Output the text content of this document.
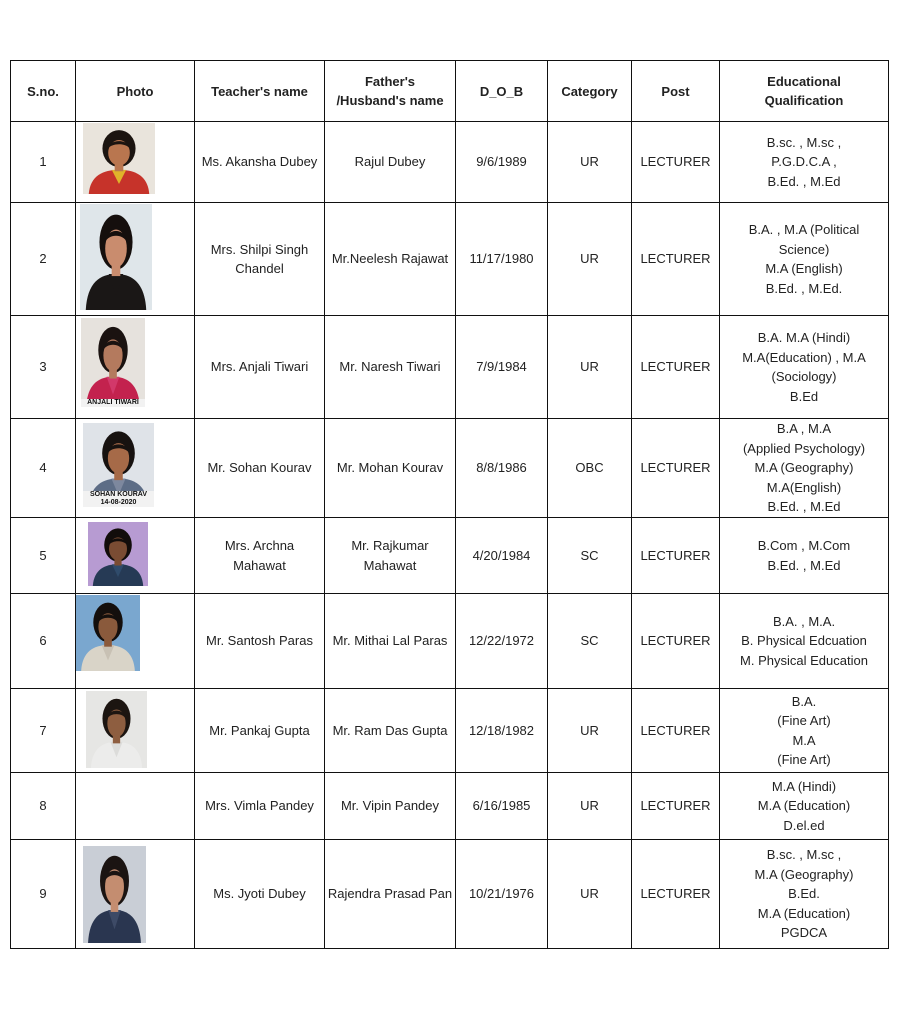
S.no.	Photo	Teacher's name	Father's
/Husband's name	D_O_B	Category	Post	Educational
Qualification
1		Ms. Akansha Dubey	Rajul Dubey	9/6/1989	UR	LECTURER	B.sc. , M.sc ,
P.G.D.C.A ,
B.Ed. , M.Ed
2		Mrs. Shilpi Singh
Chandel	Mr.Neelesh Rajawat	11/17/1980	UR	LECTURER	B.A. , M.A (Political
Science)
M.A (English)
B.Ed. , M.Ed.
3	ANJALI TIWARI	Mrs. Anjali Tiwari	Mr. Naresh Tiwari	7/9/1984	UR	LECTURER	B.A. M.A (Hindi)
M.A(Education) , M.A
(Sociology)
B.Ed
4	SOHAN KOURAV
14-08-2020	Mr. Sohan Kourav	Mr. Mohan Kourav	8/8/1986	OBC	LECTURER	B.A , M.A
(Applied Psychology)
M.A (Geography)
M.A(English)
B.Ed. , M.Ed
5		Mrs. Archna
Mahawat	Mr. Rajkumar
Mahawat	4/20/1984	SC	LECTURER	B.Com , M.Com
B.Ed. , M.Ed
6		Mr. Santosh Paras	Mr. Mithai Lal Paras	12/22/1972	SC	LECTURER	B.A. , M.A.
B. Physical Edcuation
M. Physical Education
7		Mr. Pankaj Gupta	Mr. Ram Das Gupta	12/18/1982	UR	LECTURER	B.A.
(Fine Art)
M.A
(Fine Art)
8		Mrs. Vimla Pandey	Mr. Vipin Pandey	6/16/1985	UR	LECTURER	M.A (Hindi)
M.A (Education)
D.el.ed
9		Ms. Jyoti Dubey	Rajendra Prasad Pan	10/21/1976	UR	LECTURER	B.sc. , M.sc ,
M.A (Geography)
B.Ed.
M.A (Education)
PGDCA
